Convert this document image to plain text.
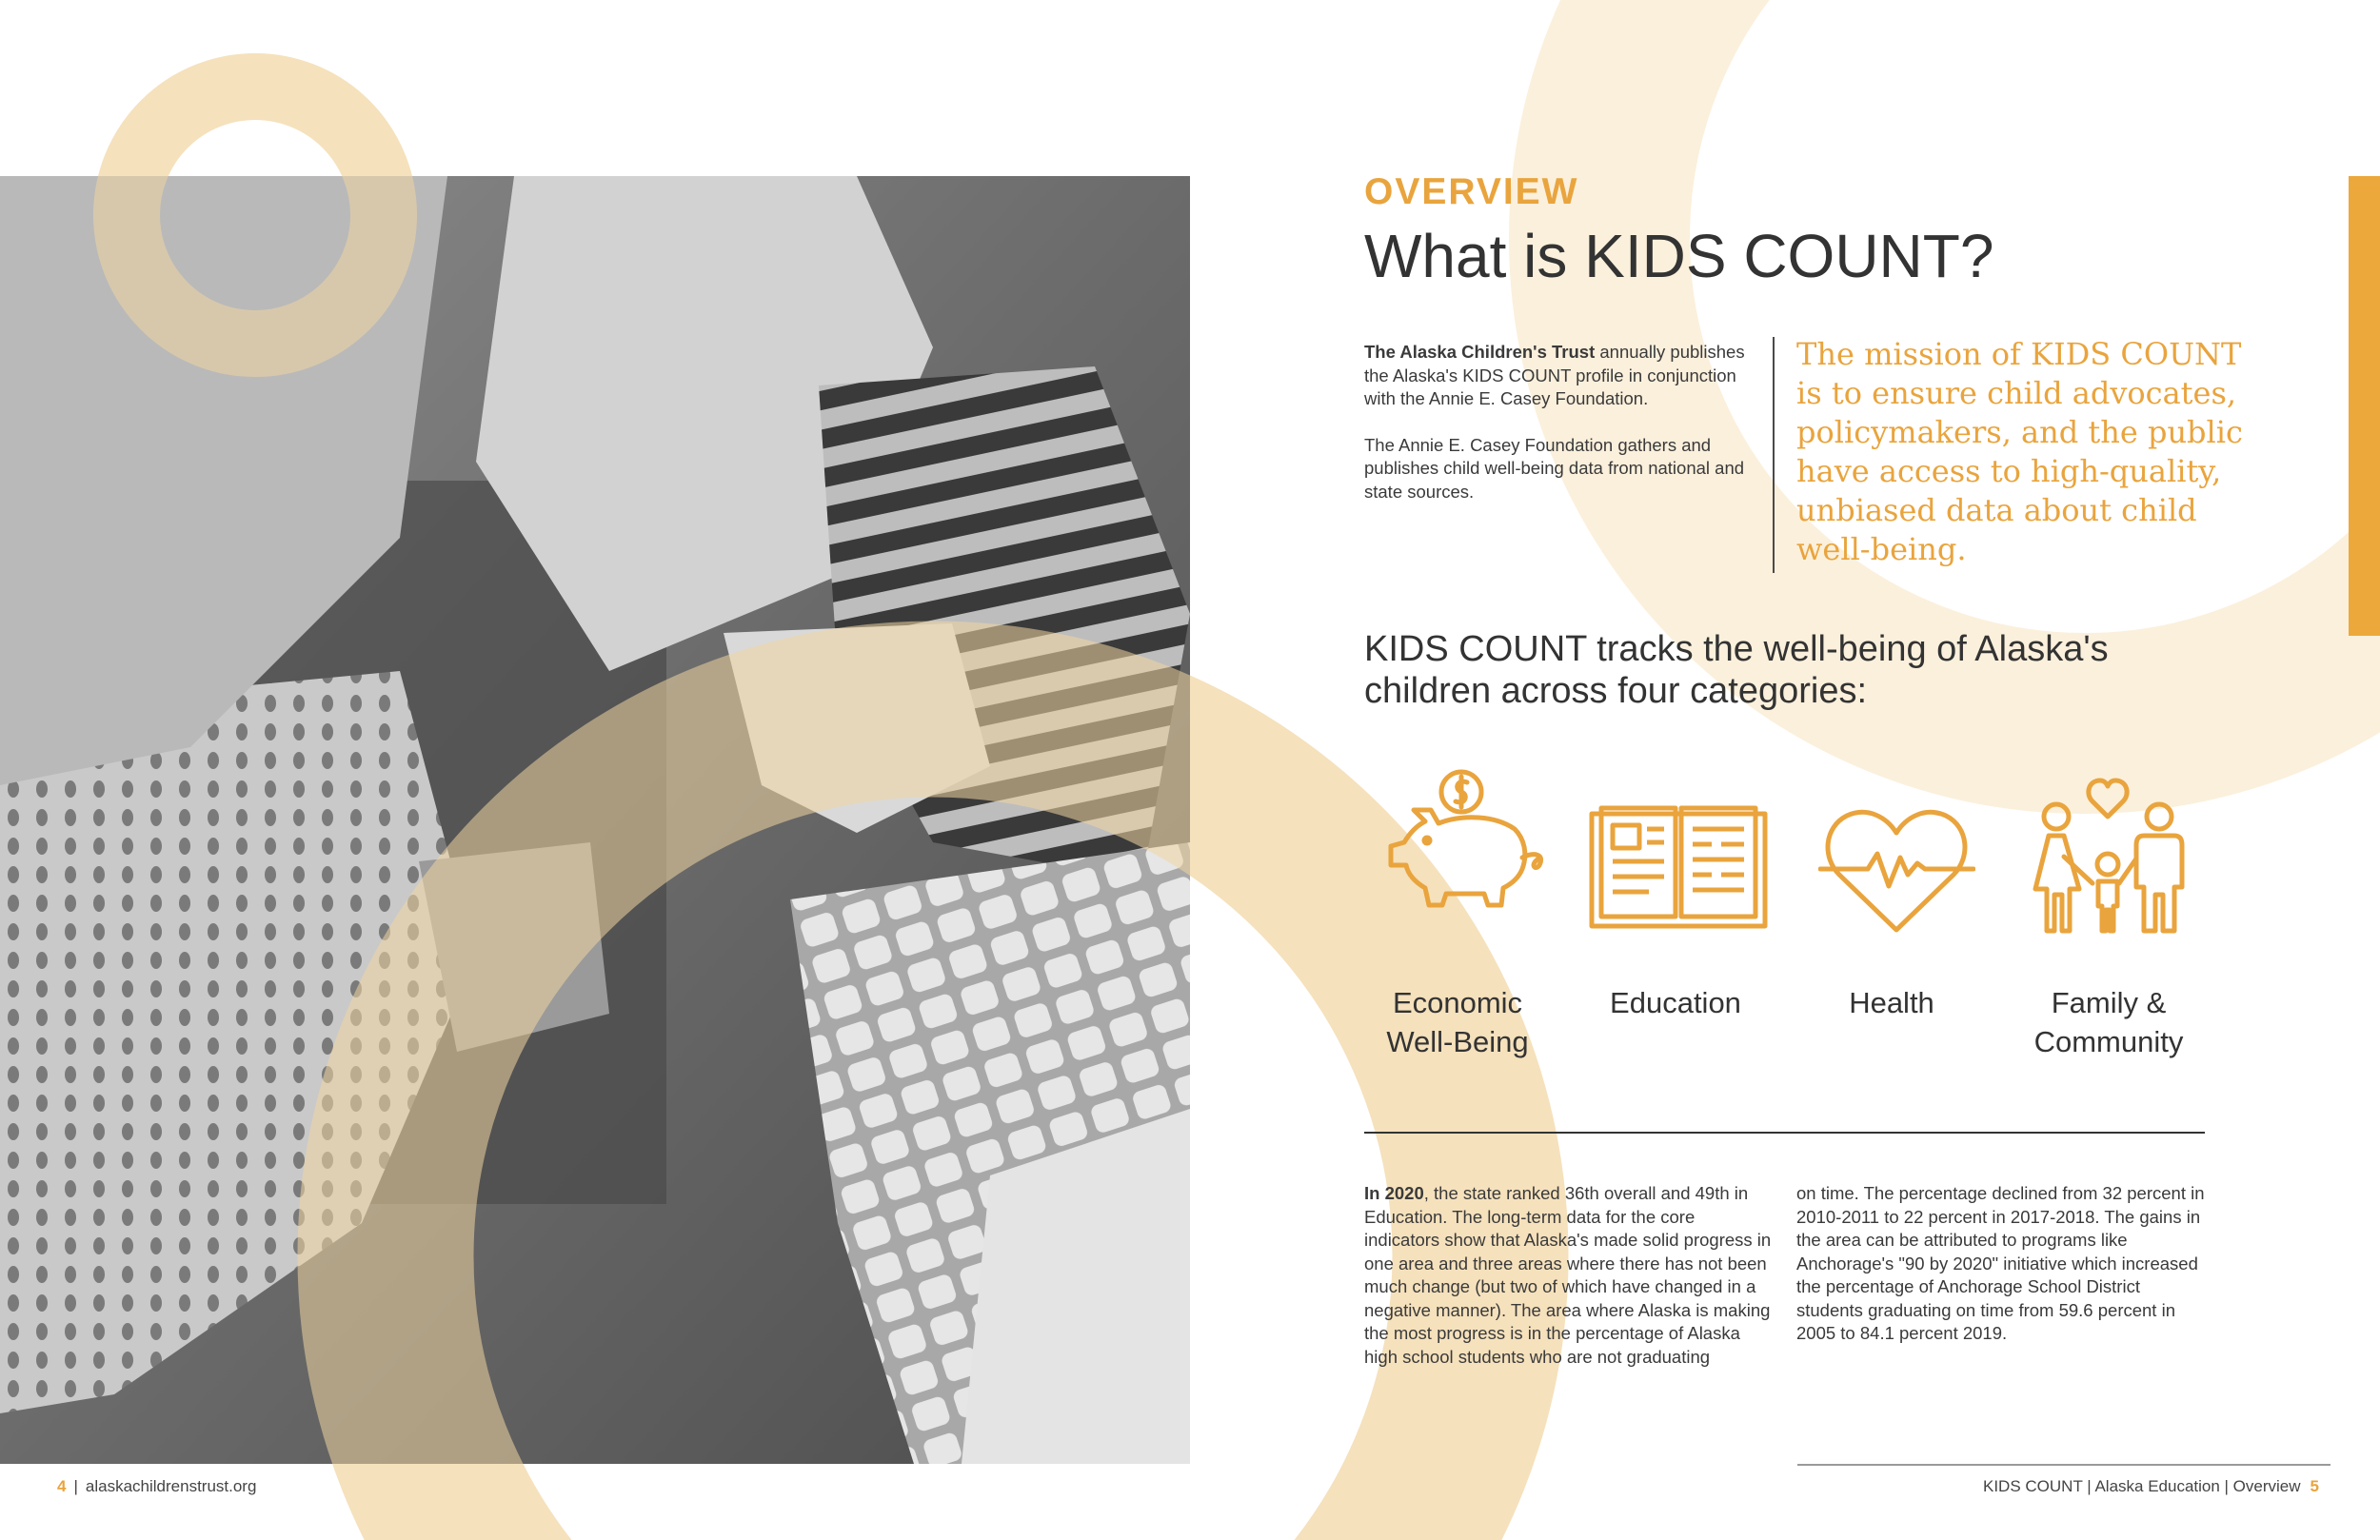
OVERVIEW
What is KIDS COUNT?

The Alaska Children's Trust annually publishes the Alaska's KIDS COUNT profile in conjunction with the Annie E. Casey Foundation.

The Annie E. Casey Foundation gathers and publishes child well-being data from national and state sources.

The mission of KIDS COUNT is to ensure child advocates, policymakers, and the public have access to high-quality, unbiased data about child well-being.
KIDS COUNT tracks the well-being of Alaska's children across four categories:
Economic
Well-Being
Education	Health	Family &
Community
In 2020, the state ranked 36th overall and 49th in Education. The long-term data for the core indicators show that Alaska's made solid progress in one area and three areas where there has not been much change (but two of which have changed in a negative manner). The area where Alaska is making the most progress is in the percentage of Alaska high school students who are not graduating
on time. The percentage declined from 32 percent in 2010-2011 to 22 percent in 2017-2018. The gains in the area can be attributed to programs like Anchorage's "90 by 2020" initiative which increased the percentage of Anchorage School District students graduating on time from 59.6 percent in 2005 to 84.1 percent 2019.
4 | alaskachildrenstrust.org	KIDS COUNT | Alaska Education | Overview 5
